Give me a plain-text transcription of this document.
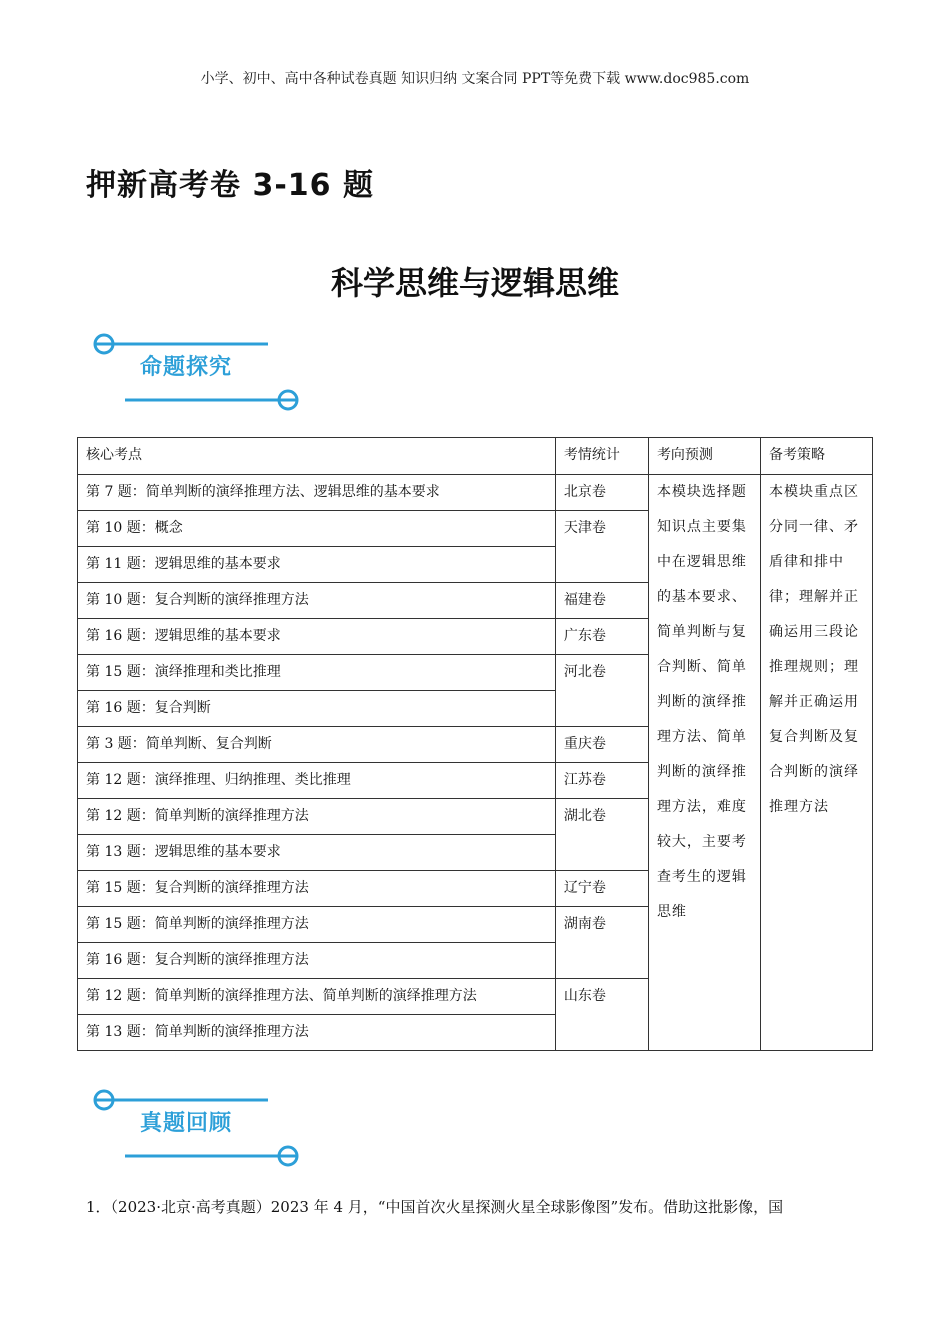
小学、初中、高中各种试卷真题 知识归纳 文案合同 PPT等免费下载 www.doc985.com
押新高考卷 3-16 题
科学思维与逻辑思维
命题探究
核心考点	考情统计	考向预测	备考策略
第 7 题：简单判断的演绎推理方法、逻辑思维的基本要求	北京卷	本模块选择题知识点主要集中在逻辑思维的基本要求、简单判断与复合判断、简单判断的演绎推理方法、简单判断的演绎推理方法，难度较大，主要考查考生的逻辑思维	本模块重点区分同一律、矛盾律和排中律；理解并正确运用三段论推理规则；理解并正确运用复合判断及复合判断的演绎推理方法
第 10 题：概念	天津卷		
第 11 题：逻辑思维的基本要求			
第 10 题：复合判断的演绎推理方法	福建卷		
第 16 题：逻辑思维的基本要求	广东卷		
第 15 题：演绎推理和类比推理	河北卷		
第 16 题：复合判断			
第 3 题：简单判断、复合判断	重庆卷		
第 12 题：演绎推理、归纳推理、类比推理	江苏卷		
第 12 题：简单判断的演绎推理方法	湖北卷		
第 13 题：逻辑思维的基本要求			
第 15 题：复合判断的演绎推理方法	辽宁卷		
第 15 题：简单判断的演绎推理方法	湖南卷		
第 16 题：复合判断的演绎推理方法			
第 12 题：简单判断的演绎推理方法、简单判断的演绎推理方法	山东卷		
第 13 题：简单判断的演绎推理方法			
真题回顾
1．（2023·北京·高考真题）2023 年 4 月，“中国首次火星探测火星全球影像图”发布。借助这批影像，国
